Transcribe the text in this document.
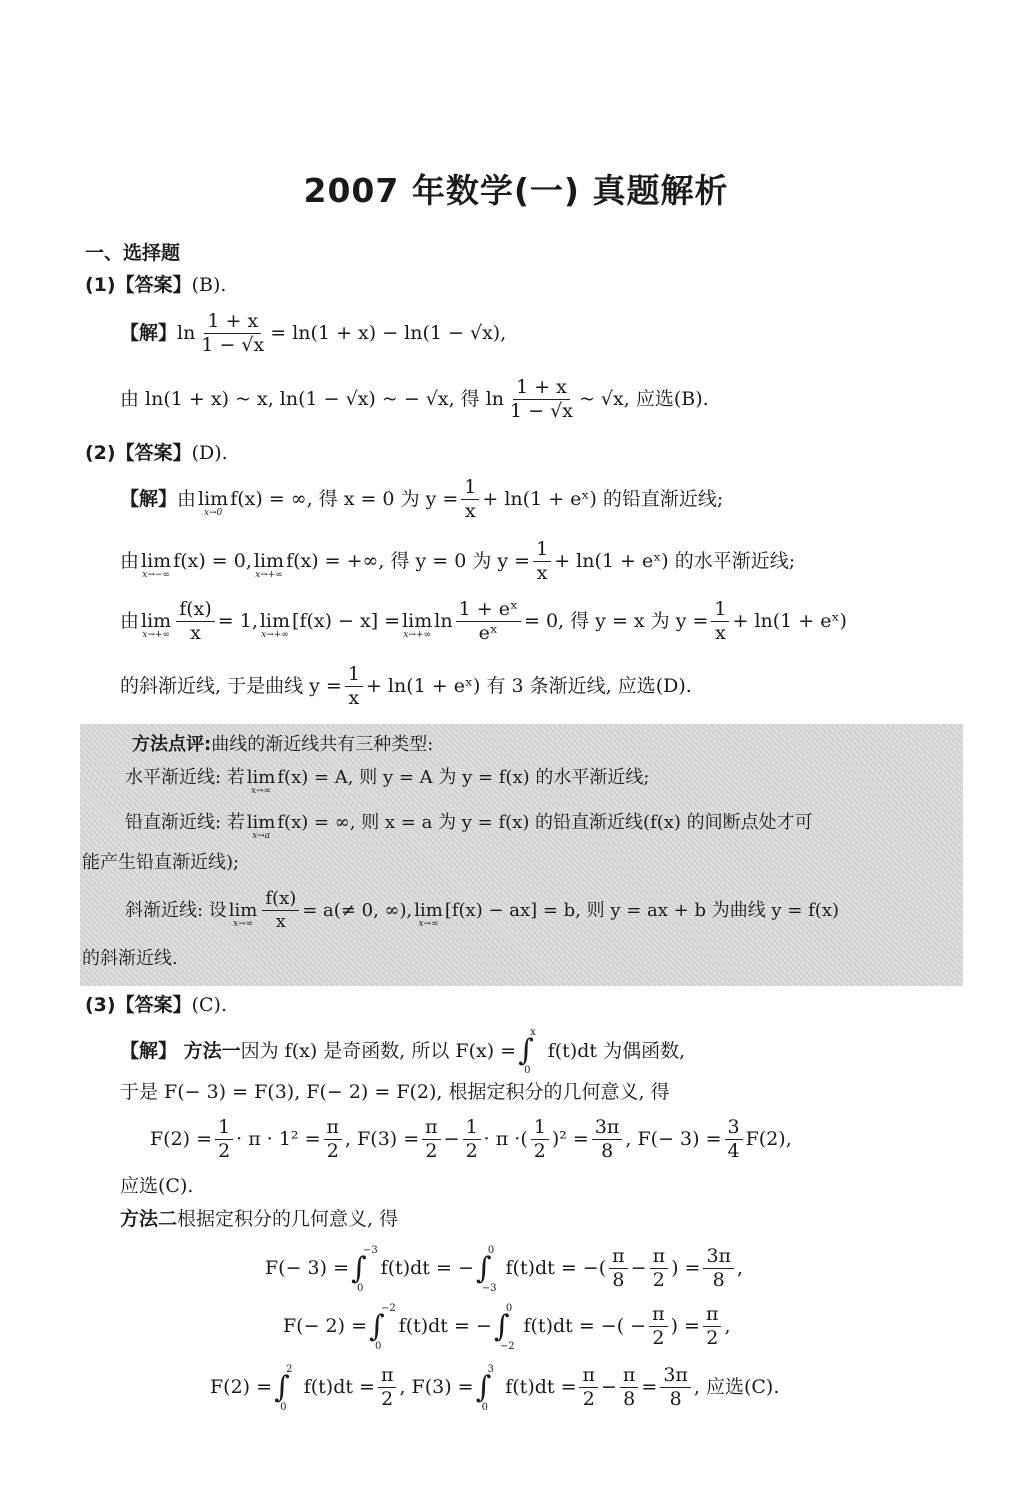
2007 年数学(一) 真题解析
一、选择题
(1)【答案】 (B).
【解】 $\ln \frac{1 + x}{1 - √x} = \ln(1 + x) - \ln(1 - √x)$,
由 ln(1 + x) ~ x, ln(1 − √x) ~ − √x, 得 $\ln \frac{1 + x}{1 - √x}$ ~ √x, 应选(B).
(2)【答案】 (D).
【解】 由 lim
x→0
f(x) = ∞, 得 x = 0 为 $y = \frac{1}{x} + \ln(1$ + eˣ) 的铅直渐近线;
由 lim
x→−∞
f(x) = 0, lim
x→+∞
f(x) = +∞, 得 y = 0 为 $y = \frac{1}{x} + \ln(1$ + eˣ) 的水平渐近线;
由 lim
$x\to+\infty \frac{f(x)}{x} = 1$, lim
x→+∞
[f(x) − x] = lim
x→+∞
$\ln \frac{\text{1 + eˣ}}{\text{eˣ}} = 0$, 得 y = x 为 $y = \frac{1}{x} + \ln(1$ + eˣ)
的斜渐近线, 于是曲线 $y = \frac{1}{x} + \ln(1$ + eˣ) 有 3 条渐近线, 应选(D).
方法点评: 曲线的渐近线共有三种类型:
水平渐近线: 若 lim
x→∞
f(x) = A, 则 y = A 为 y = f(x) 的水平渐近线;
铅直渐近线: 若 lim
x→a
f(x) = ∞, 则 x = a 为 y = f(x) 的铅直渐近线(f(x) 的间断点处才可
能产生铅直渐近线);
斜渐近线: 设 lim
$x\to\infty \frac{f(x)}{x} = a(\ne 0$, ∞), lim
x→∞
[f(x) − ax] = b, 则 y = ax + b 为曲线 y = f(x)
的斜渐近线.
(3)【答案】 (C).
【解】 方法一 因为 f(x) 是奇函数, 所以 F(x) = ∫
0
x
f(t)dt 为偶函数,
于是 F(− 3) = F(3), F(− 2) = F(2), 根据定积分的几何意义, 得
$F(2) = \frac{1}{2} \cdot \pi \cdot 1^2 = \frac{\pi}{2}$ , $F(3) = \frac{\pi}{2} - \frac{1}{2} \cdot \pi$ ·( $\frac{1}{2} )^2 = \frac{3\pi}{8}$ , $F(- 3) = \frac{3}{4} F(2)$,
应选(C).
方法二 根据定积分的几何意义, 得
F(− 3) = ∫
0
−3
f(t)dt = − ∫
−3
0
f(t)dt = −( $\frac{\pi}{8} - \frac{\pi}{2}$ ) = $\frac{3\pi}{8}$ ,
F(− 2) = ∫
0
−2
f(t)dt = − ∫
−2
0
f(t)dt = −( − $\frac{\pi}{2}$ ) = $\frac{\pi}{2}$ ,
F(2) = ∫
0
2
$f(t)dt = \frac{\pi}{2}$ , F(3) = ∫
0
3
$f(t)dt = \frac{\pi}{2} - \frac{\pi}{8} = \frac{3\pi}{8}$ , 应选(C).
